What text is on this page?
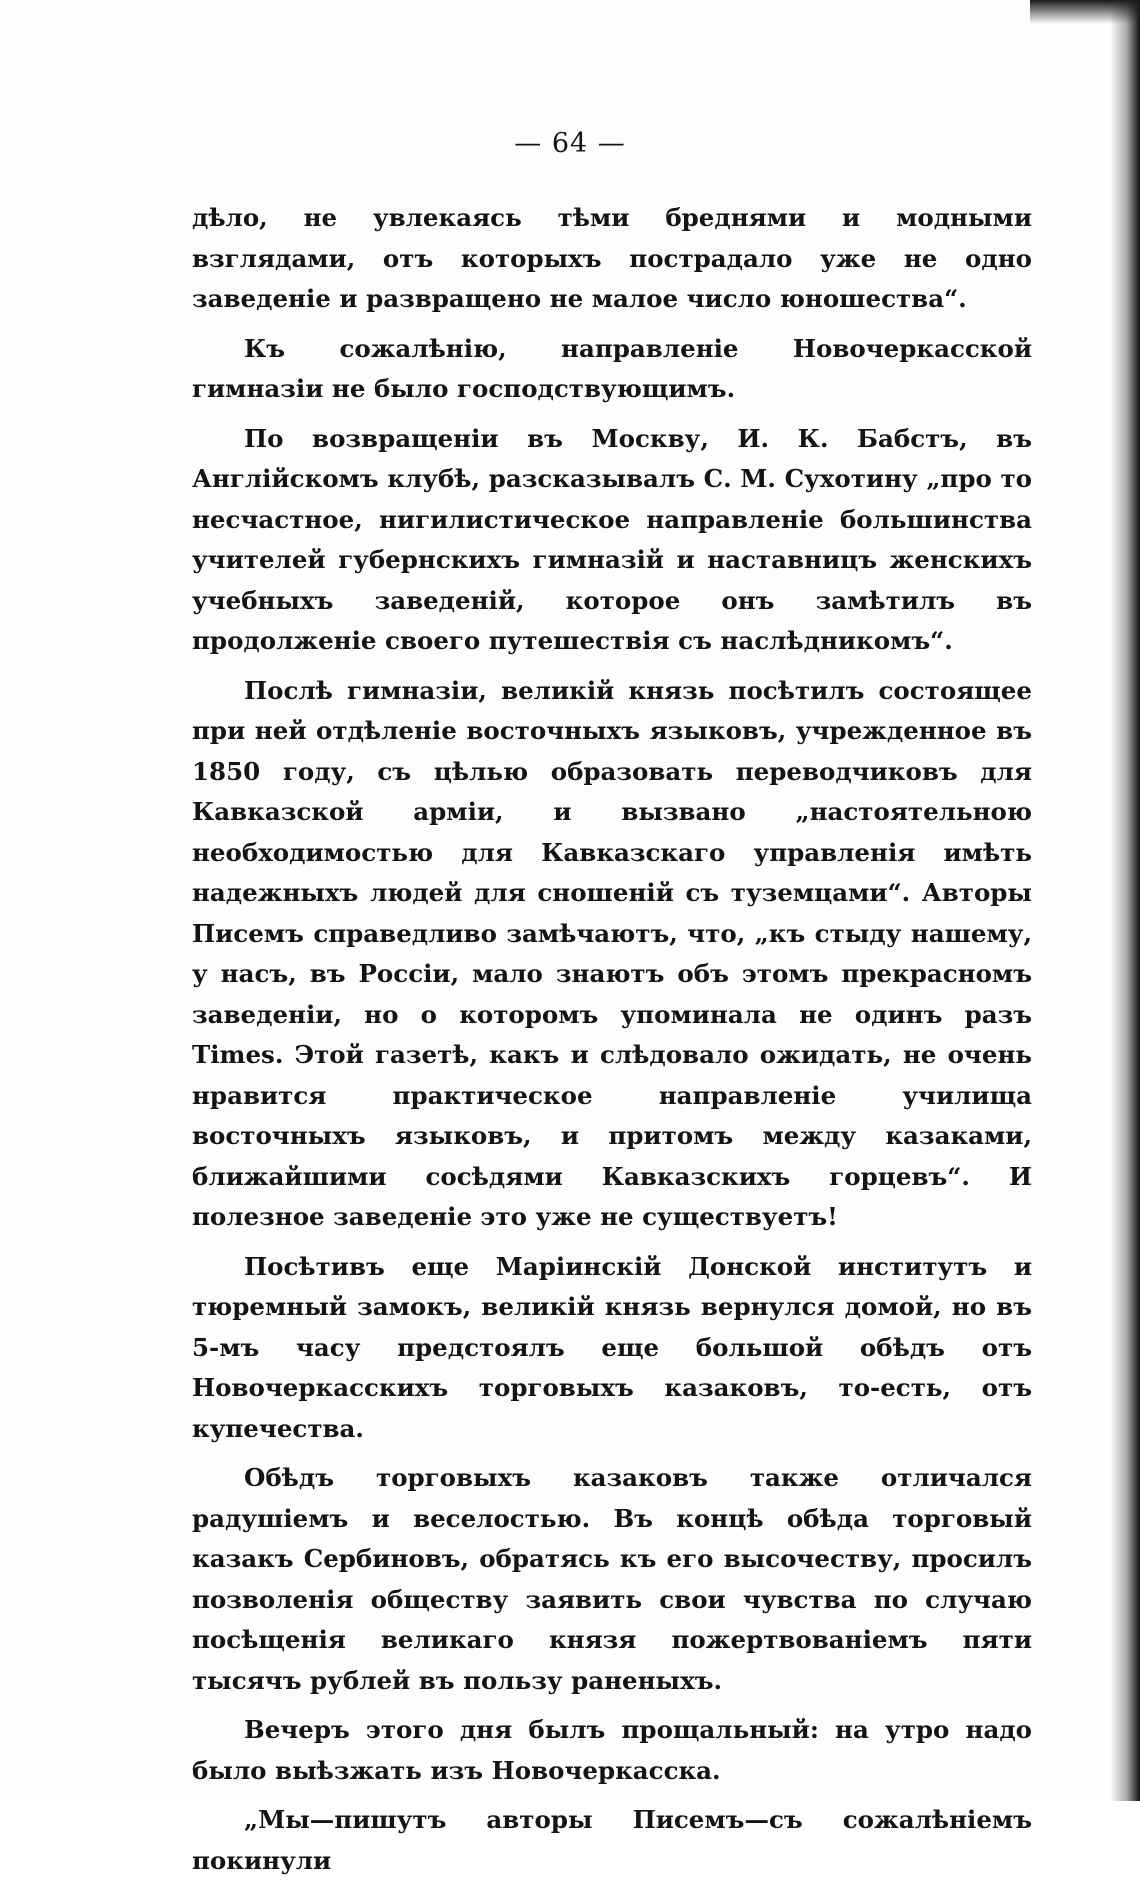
— 64 —

дѣло, не увлекаясь тѣми бреднями и модными взглядами, отъ которыхъ пострадало уже не одно заведеніе и развращено не малое число юношества“.

Къ сожалѣнію, направленіе Новочеркасской гимназіи не было господствующимъ.

По возвращеніи въ Москву, И. К. Бабстъ, въ Англійскомъ клубѣ, разсказывалъ С. М. Сухотину „про то несчастное, нигилистическое направленіе большинства учителей губернскихъ гимназій и наставницъ женскихъ учебныхъ заведеній, которое онъ замѣтилъ въ продолженіе своего путешествія съ наслѣдникомъ“.

Послѣ гимназіи, великій князь посѣтилъ состоящее при ней отдѣленіе восточныхъ языковъ, учрежденное въ 1850 году, съ цѣлью образовать переводчиковъ для Кавказской арміи, и вызвано „настоятельною необходимостью для Кавказскаго управленія имѣть надежныхъ людей для сношеній съ туземцами“. Авторы Писемъ справедливо замѣчаютъ, что, „къ стыду нашему, у насъ, въ Россіи, мало знаютъ объ этомъ прекрасномъ заведеніи, но о которомъ упоминала не одинъ разъ Times. Этой газетѣ, какъ и слѣдовало ожидать, не очень нравится практическое направленіе училища восточныхъ языковъ, и притомъ между казаками, ближайшими сосѣдями Кавказскихъ горцевъ“. И полезное заведеніе это уже не существуетъ!

Посѣтивъ еще Маріинскій Донской институтъ и тюремный замокъ, великій князь вернулся домой, но въ 5-мъ часу предстоялъ еще большой обѣдъ отъ Новочеркасскихъ торговыхъ казаковъ, то-есть, отъ купечества.

Обѣдъ торговыхъ казаковъ также отличался радушіемъ и веселостью. Въ концѣ обѣда торговый казакъ Сербиновъ, обратясь къ его высочеству, просилъ позволенія обществу заявить свои чувства по случаю посѣщенія великаго князя пожертвованіемъ пяти тысячъ рублей въ пользу раненыхъ.

Вечеръ этого дня былъ прощальный: на утро надо было выѣзжать изъ Новочеркасска.

„Мы—пишутъ авторы Писемъ—съ сожалѣніемъ покинули
